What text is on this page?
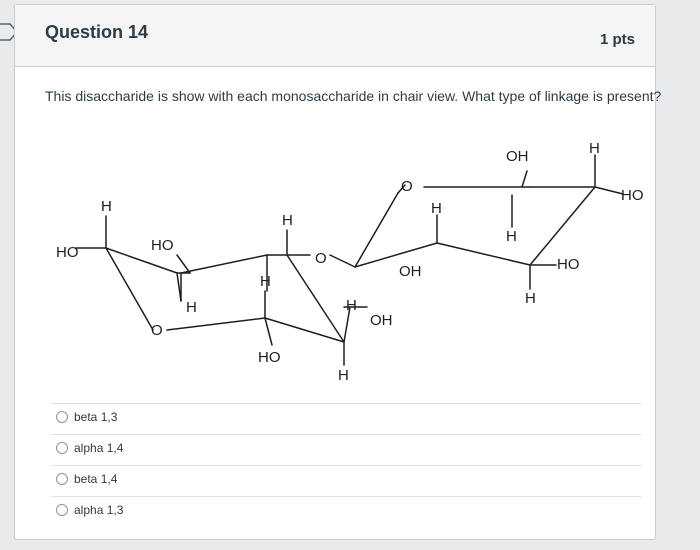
Question 14	1 pts
This disaccharide is show with each monosaccharide in chair view. What type of linkage is present?
HO
H
HO
O
H
H
H
HO
O
H
H
OH
O
H
OH
OH
H
H
HO
H
HO
beta 1,3
alpha 1,4
beta 1,4
alpha 1,3
